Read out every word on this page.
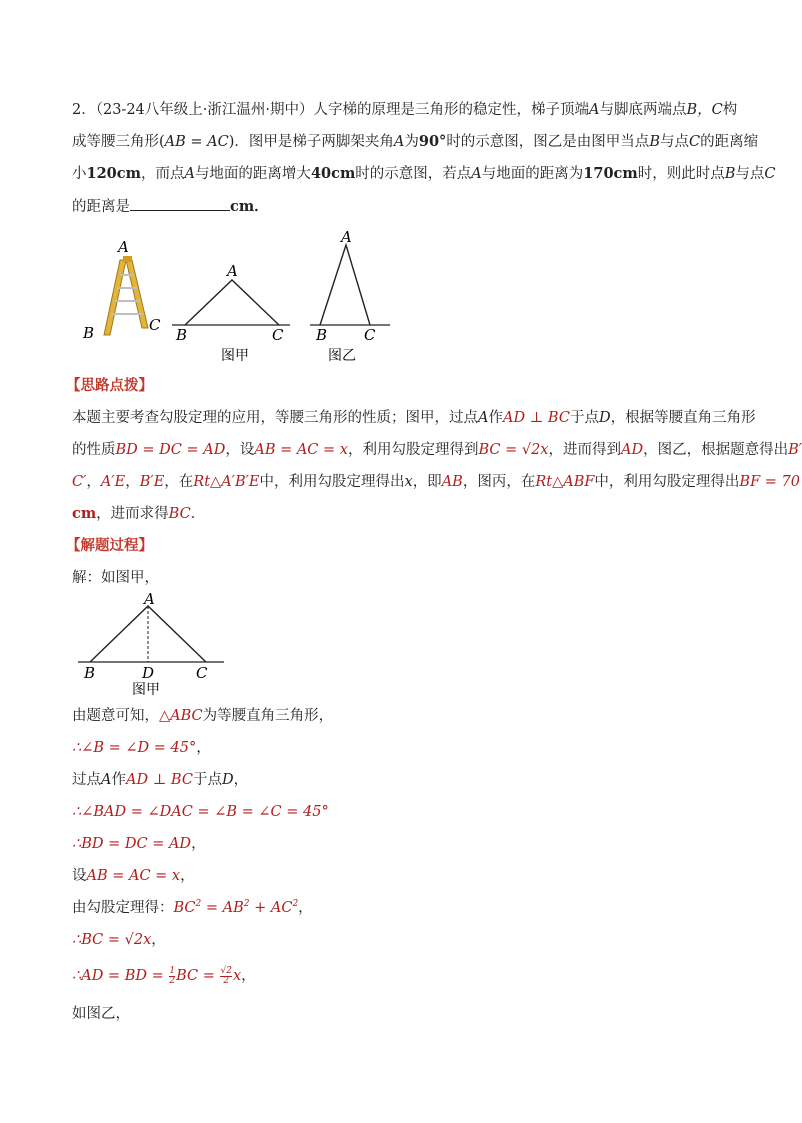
2．（23-24八年级上·浙江温州·期中）人字梯的原理是三角形的稳定性，梯子顶端A与脚底两端点B，C构
成等腰三角形(AB = AC)．图甲是梯子两脚架夹角A为90°时的示意图，图乙是由图甲当点B与点C的距离缩
小120cm，而点A与地面的距离增大40cm时的示意图，若点A与地面的距离为170cm时，则此时点B与点C
的距离是	cm．
A
B	C
A
B	C
图甲
A
B C
图乙
【思路点拨】
本题主要考查勾股定理的应用，等腰三角形的性质；图甲，过点A作AD ⊥ BC于点D，根据等腰直角三角形
的性质BD = DC = AD，设AB = AC = x，利用勾股定理得到BC = √2x，进而得到AD，图乙，根据题意得出B′
C′，A′E，B′E，在Rt△A′B′E中，利用勾股定理得出x，即AB，图丙，在Rt△ABF中，利用勾股定理得出BF = 70
cm，进而求得BC．
【解题过程】
解：如图甲，
A
B	D	C
图甲
由题意可知，△ABC为等腰直角三角形，
∴∠B = ∠D = 45°，
过点A作AD ⊥ BC于点D，
∴∠BAD = ∠DAC = ∠B = ∠C = 45°
∴BD = DC = AD，
设AB = AC = x，
由勾股定理得：$BC^2 = AB^2 + AC^2$，
∴BC = √2x，
∴AD = BD = $\frac{1}{2}$ BC = $\frac{√2}{2}$ x，
如图乙，
